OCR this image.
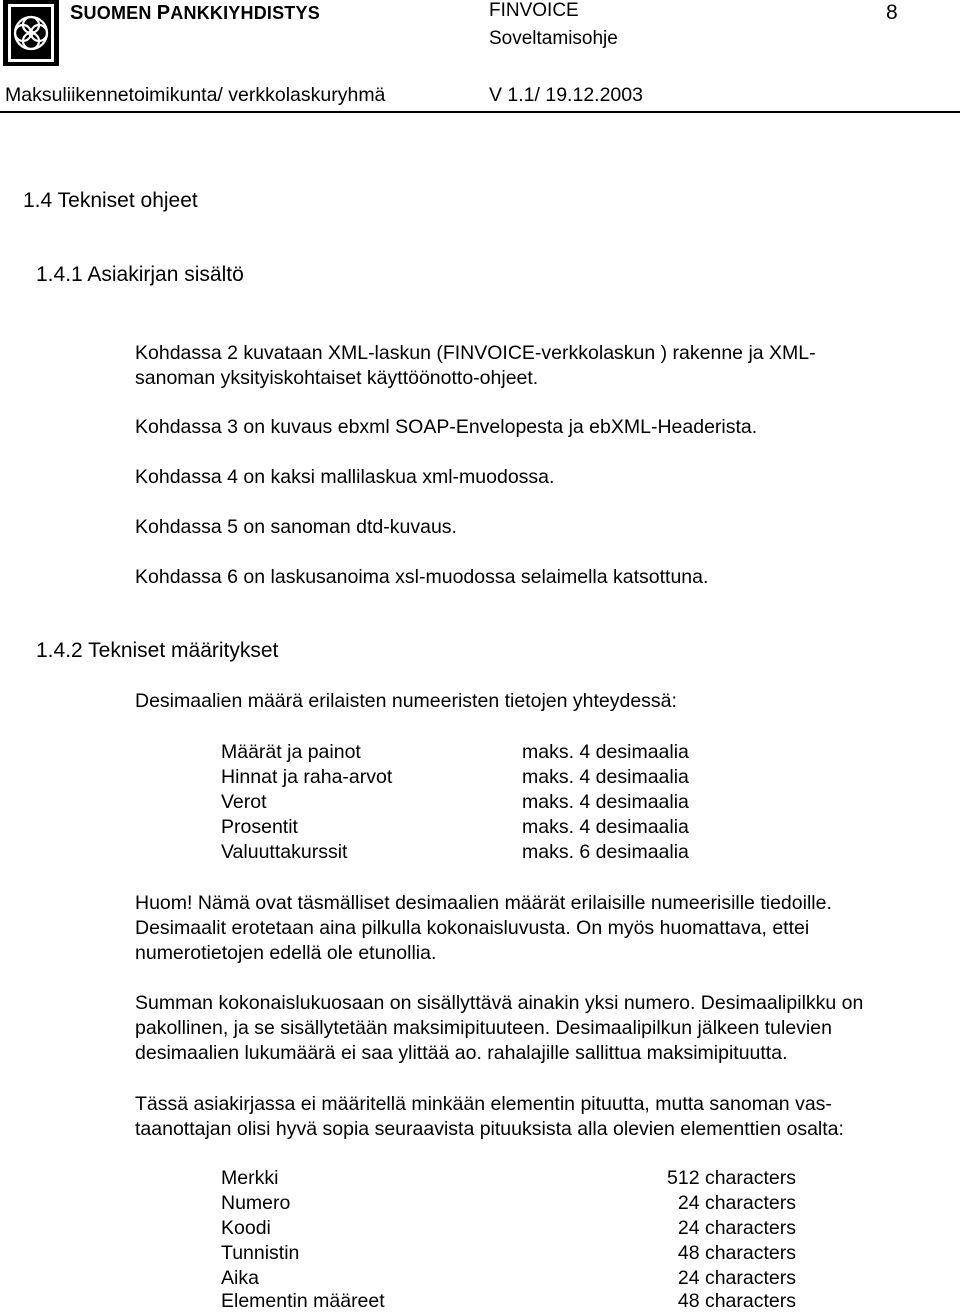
SUOMEN PANKKIYHDISTYS	FINVOICE
Soveltamisohje
8
Maksuliikennetoimikunta/ verkkolaskuryhmä	V 1.1/ 19.12.2003
1.4 Tekniset ohjeet
1.4.1 Asiakirjan sisältö
Kohdassa 2 kuvataan XML-laskun (FINVOICE-verkkolaskun ) rakenne ja XML-
sanoman yksityiskohtaiset käyttöönotto-ohjeet.
Kohdassa 3 on kuvaus ebxml SOAP-Envelopesta ja ebXML-Headerista.
Kohdassa 4 on kaksi mallilaskua xml-muodossa.
Kohdassa 5 on sanoman dtd-kuvaus.
Kohdassa 6 on laskusanoima xsl-muodossa selaimella katsottuna.
1.4.2 Tekniset määritykset
Desimaalien määrä erilaisten numeeristen tietojen yhteydessä:
Määrät ja painot	maks. 4 desimaalia
Hinnat ja raha-arvot	maks. 4 desimaalia
Verot	maks. 4 desimaalia
Prosentit	maks. 4 desimaalia
Valuuttakurssit	maks. 6 desimaalia
Huom! Nämä ovat täsmälliset desimaalien määrät erilaisille numeerisille tiedoille.
Desimaalit erotetaan aina pilkulla kokonaisluvusta. On myös huomattava, ettei
numerotietojen edellä ole etunollia.
Summan kokonaislukuosaan on sisällyttävä ainakin yksi numero. Desimaalipilkku on
pakollinen, ja se sisällytetään maksimipituuteen. Desimaalipilkun jälkeen tulevien
desimaalien lukumäärä ei saa ylittää ao. rahalajille sallittua maksimipituutta.
Tässä asiakirjassa ei määritellä minkään elementin pituutta, mutta sanoman vas-
taanottajan olisi hyvä sopia seuraavista pituuksista alla olevien elementtien osalta:
Merkki	512 characters
Numero	24 characters
Koodi	24 characters
Tunnistin	48 characters
Aika	24 characters
Elementin määreet	48 characters
